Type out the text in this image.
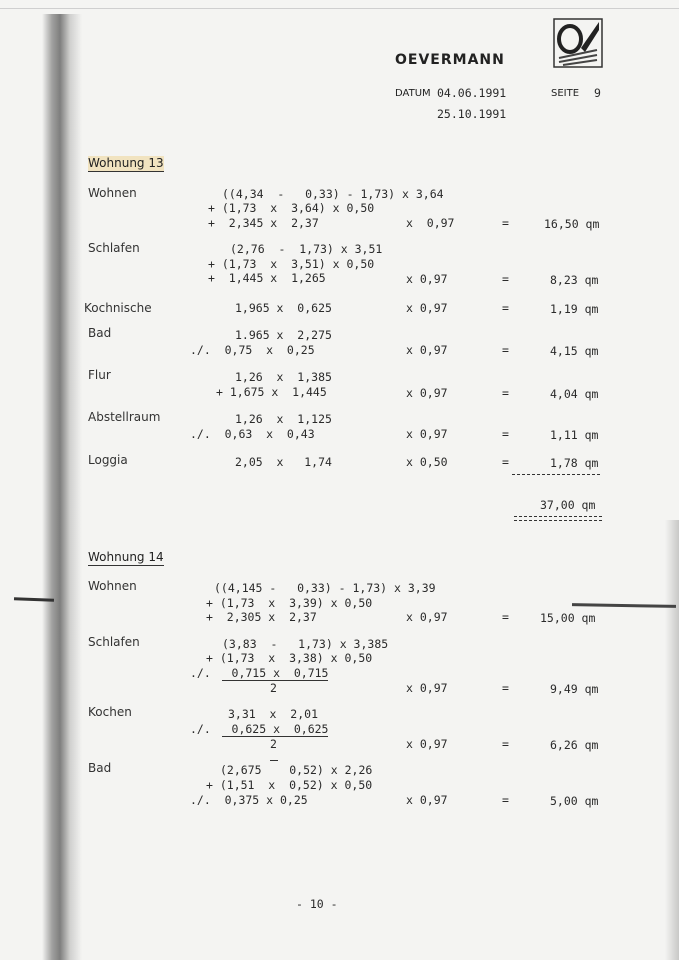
OEVERMANN
DATUM 04.06.1991	SEITE 9
25.10.1991
Wohnung 13
Wohnen	((4,34  -   0,33) - 1,73) x 3,64
+ (1,73  x  3,64) x 0,50
+  2,345 x  2,37	x  0,97	=	16,50 qm
Schlafen	(2,76  -  1,73) x 3,51
+ (1,73  x  3,51) x 0,50
+  1,445 x  1,265	x 0,97	=	8,23 qm
Kochnische	1,965 x  0,625	x 0,97	=	1,19 qm
Bad	1.965 x  2,275
./.  0,75  x  0,25	x 0,97	=	4,15 qm
Flur	1,26  x  1,385
+ 1,675 x  1,445	x 0,97	=	4,04 qm
Abstellraum	1,26  x  1,125
./.  0,63  x  0,43	x 0,97	=	1,11 qm
Loggia	2,05  x   1,74	x 0,50	=	1,78 qm
37,00 qm
Wohnung 14
Wohnen	((4,145 -   0,33) - 1,73) x 3,39
+ (1,73  x  3,39) x 0,50
+  2,305 x  2,37	x 0,97	=	15,00 qm
Schlafen	(3,83  -   1,73) x 3,385
+ (1,73  x  3,38) x 0,50
./.   0,715 x  0,715
2	x 0,97	=	9,49 qm
Kochen	3,31  x  2,01
./.   0,625 x  0,625
2	x 0,97	=	6,26 qm
Bad	(2,675    0,52) x 2,26
+ (1,51  x  0,52) x 0,50
./.  0,375 x 0,25	x 0,97	=	5,00 qm
- 10 -
